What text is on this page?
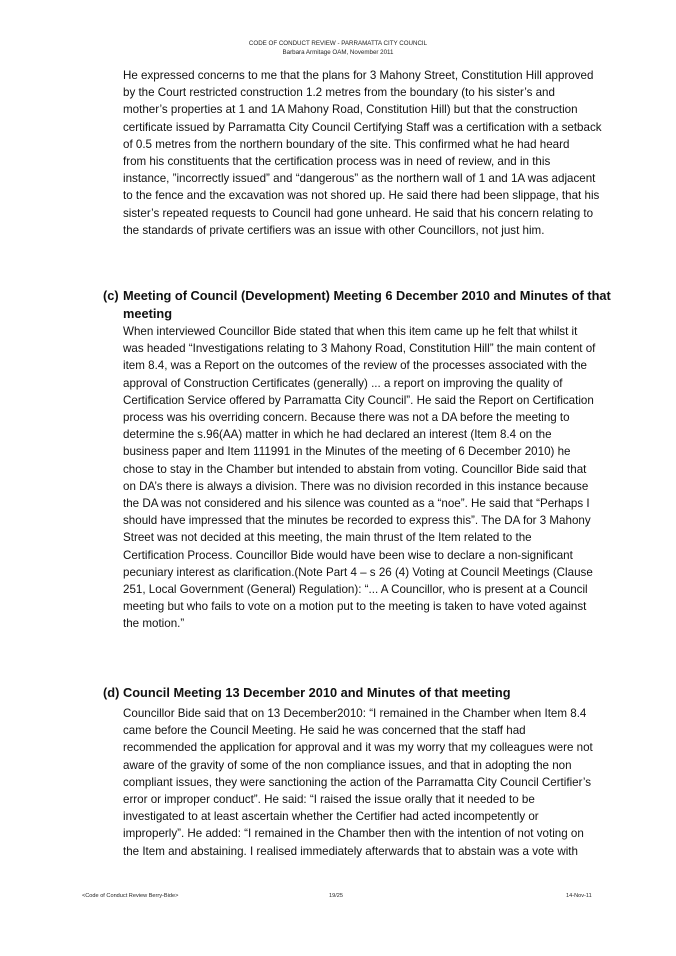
CODE OF CONDUCT REVIEW - PARRAMATTA CITY COUNCIL
Barbara Armitage OAM, November 2011
He expressed concerns to me that the plans for 3 Mahony Street, Constitution Hill approved
by the Court restricted construction 1.2 metres from the boundary (to his sister’s and
mother’s properties at 1 and 1A Mahony Road, Constitution Hill) but that the construction
certificate issued by Parramatta City Council Certifying Staff was a certification with a setback
of 0.5 metres from the northern boundary of the site. This confirmed what he had heard
from his constituents that the certification process was in need of review, and in this
instance, ”incorrectly issued” and “dangerous” as the northern wall of 1 and 1A was adjacent
to the fence and the excavation was not shored up. He said there had been slippage, that his
sister’s repeated requests to Council had gone unheard. He said that his concern relating to
the standards of private certifiers was an issue with other Councillors, not just him.
(c) Meeting of Council (Development) Meeting 6 December 2010 and Minutes of that
meeting
When interviewed Councillor Bide stated that when this item came up he felt that whilst it
was headed “Investigations relating to 3 Mahony Road, Constitution Hill” the main content of
item 8.4, was a Report on the outcomes of the review of the processes associated with the
approval of Construction Certificates (generally) ... a report on improving the quality of
Certification Service offered by Parramatta City Council”. He said the Report on Certification
process was his overriding concern. Because there was not a DA before the meeting to
determine the s.96(AA) matter in which he had declared an interest (Item 8.4 on the
business paper and Item 111991 in the Minutes of the meeting of 6 December 2010) he
chose to stay in the Chamber but intended to abstain from voting. Councillor Bide said that
on DA’s there is always a division. There was no division recorded in this instance because
the DA was not considered and his silence was counted as a “noe”. He said that “Perhaps I
should have impressed that the minutes be recorded to express this”. The DA for 3 Mahony
Street was not decided at this meeting, the main thrust of the Item related to the
Certification Process. Councillor Bide would have been wise to declare a non-significant
pecuniary interest as clarification.(Note Part 4 – s 26 (4) Voting at Council Meetings (Clause
251, Local Government (General) Regulation): “... A Councillor, who is present at a Council
meeting but who fails to vote on a motion put to the meeting is taken to have voted against
the motion.”
(d) Council Meeting 13 December 2010 and Minutes of that meeting
Councillor Bide said that on 13 December2010: “I remained in the Chamber when Item 8.4
came before the Council Meeting. He said he was concerned that the staff had
recommended the application for approval and it was my worry that my colleagues were not
aware of the gravity of some of the non compliance issues, and that in adopting the non
compliant issues, they were sanctioning the action of the Parramatta City Council Certifier’s
error or improper conduct”. He said: “I raised the issue orally that it needed to be
investigated to at least ascertain whether the Certifier had acted incompetently or
improperly”. He added: “I remained in the Chamber then with the intention of not voting on
the Item and abstaining. I realised immediately afterwards that to abstain was a vote with
<Code of Conduct Review Berry-Bide>	19/25	14-Nov-11
